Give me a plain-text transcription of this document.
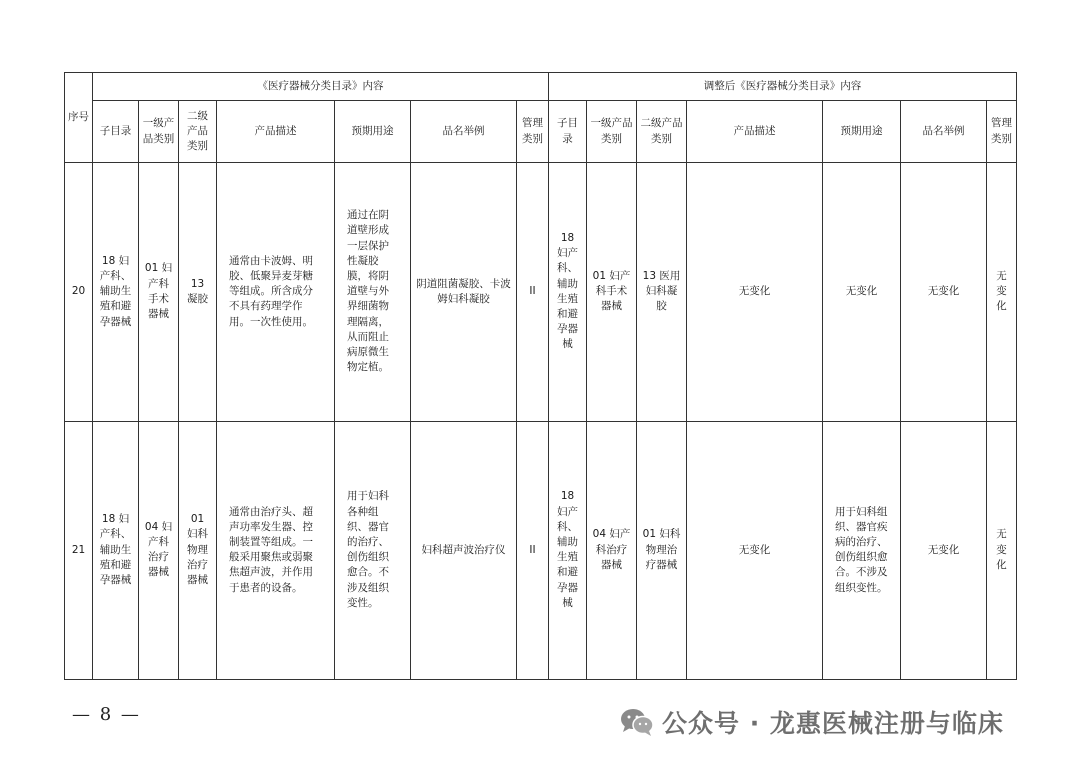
序号	《医疗器械分类目录》内容							调整后《医疗器械分类目录》内容						
	子目录	一级产品类别	二级产品类别	产品描述	预期用途	品名举例	管理类别	子目录	一级产品类别	二级产品类别	产品描述	预期用途	品名举例	管理类别
20	18 妇产科、辅助生殖和避孕器械	01 妇产科手术器械	13 凝胶	通常由卡波姆、明胶、低聚异麦芽糖等组成。所含成分不具有药理学作用。一次性使用。	通过在阴道壁形成一层保护性凝胶膜，将阴道壁与外界细菌物理隔离，从而阻止病原微生物定植。	阴道阻菌凝胶、卡波姆妇科凝胶	II	18 妇产科、辅助生殖和避孕器械	01 妇产科手术器械	13 医用妇科凝胶	无变化	无变化	无变化	无变化
21	18 妇产科、辅助生殖和避孕器械	04 妇产科治疗器械	01 妇科物理治疗器械	通常由治疗头、超声功率发生器、控制装置等组成。一般采用聚焦或弱聚焦超声波，并作用于患者的设备。	用于妇科各种组织、器官的治疗、创伤组织愈合。不涉及组织变性。	妇科超声波治疗仪	II	18 妇产科、辅助生殖和避孕器械	04 妇产科治疗器械	01 妇科物理治疗器械	无变化	用于妇科组织、器官疾病的治疗、创伤组织愈合。不涉及组织变性。	无变化	无变化
— 8 —	公众号 · 龙惠医械注册与临床
